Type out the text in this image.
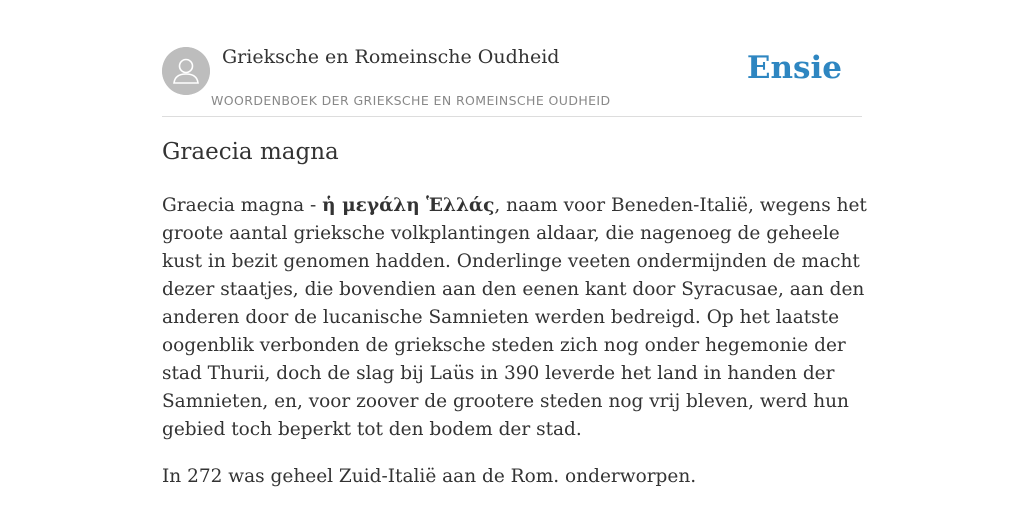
Grieksche en Romeinsche Oudheid
WOORDENBOEK DER GRIEKSCHE EN ROMEINSCHE OUDHEID
Ensie
Graecia magna

Graecia magna - ἡ μεγάλη Ἑλλάς, naam voor Beneden-Italië, wegens het groote aantal grieksche volkplantingen aldaar, die nagenoeg de geheele kust in bezit genomen hadden. Onderlinge veeten ondermijnden de macht dezer staatjes, die bovendien aan den eenen kant door Syracusae, aan den anderen door de lucanische Samnieten werden bedreigd. Op het laatste oogenblik verbonden de grieksche steden zich nog onder hegemonie der stad Thurii, doch de slag bij Laüs in 390 leverde het land in handen der Samnieten, en, voor zoover de grootere steden nog vrij bleven, werd hun gebied toch beperkt tot den bodem der stad.

In 272 was geheel Zuid-Italië aan de Rom. onderworpen.
